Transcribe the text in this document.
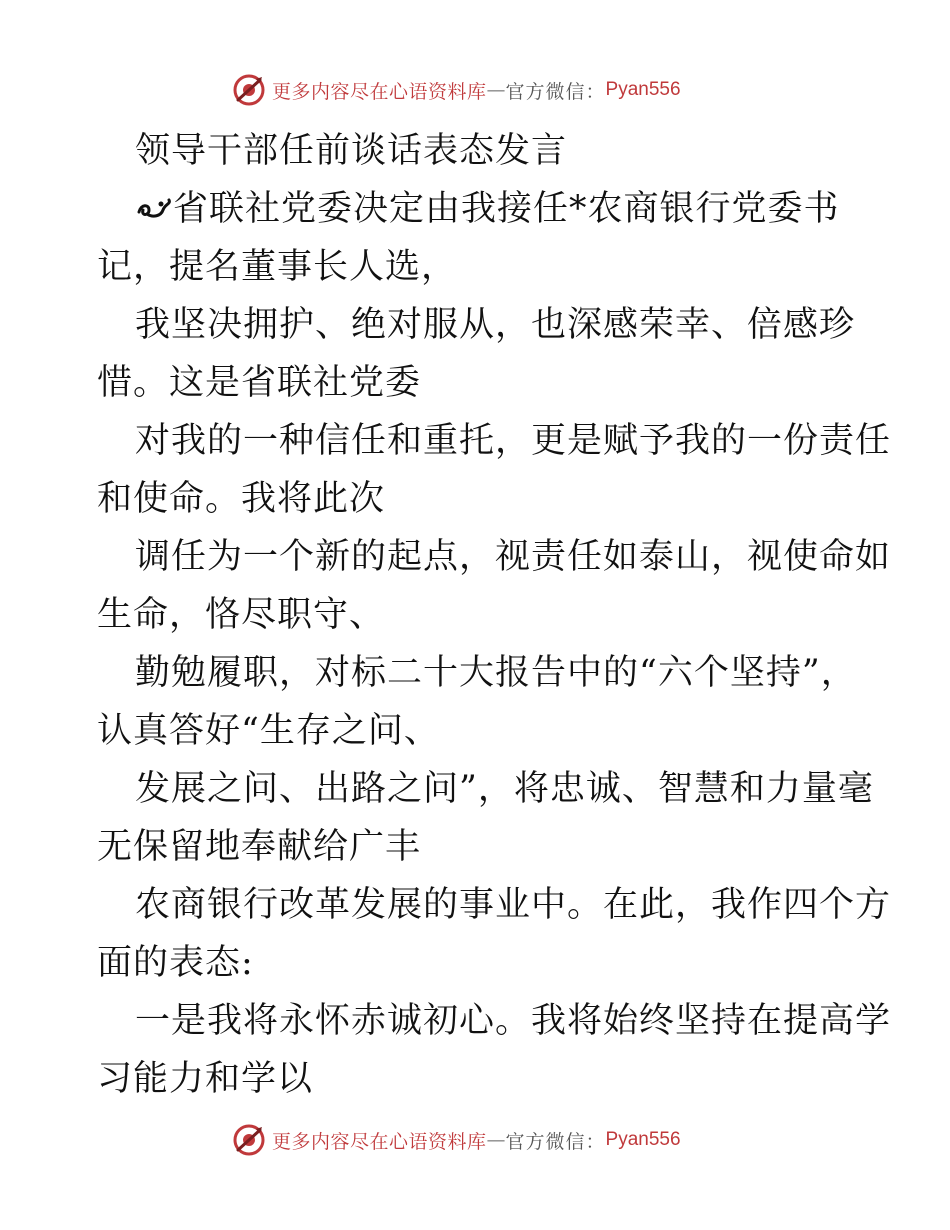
更多内容尽在心语资料库 — 官方微信： Pyan556
领导干部任前谈话表态发言
省联社党委决定由我接任*农商银行党委书
记，提名董事长人选，
我坚决拥护、绝对服从，也深感荣幸、倍感珍
惜。这是省联社党委
对我的一种信任和重托，更是赋予我的一份责任
和使命。我将此次
调任为一个新的起点，视责任如泰山，视使命如
生命，恪尽职守、
勤勉履职，对标二十大报告中的“六个坚持”，
认真答好“生存之问、
发展之问、出路之问”，将忠诚、智慧和力量毫
无保留地奉献给广丰
农商银行改革发展的事业中。在此，我作四个方
面的表态:
一是我将永怀赤诚初心。我将始终坚持在提高学
习能力和学以
更多内容尽在心语资料库 — 官方微信： Pyan556
